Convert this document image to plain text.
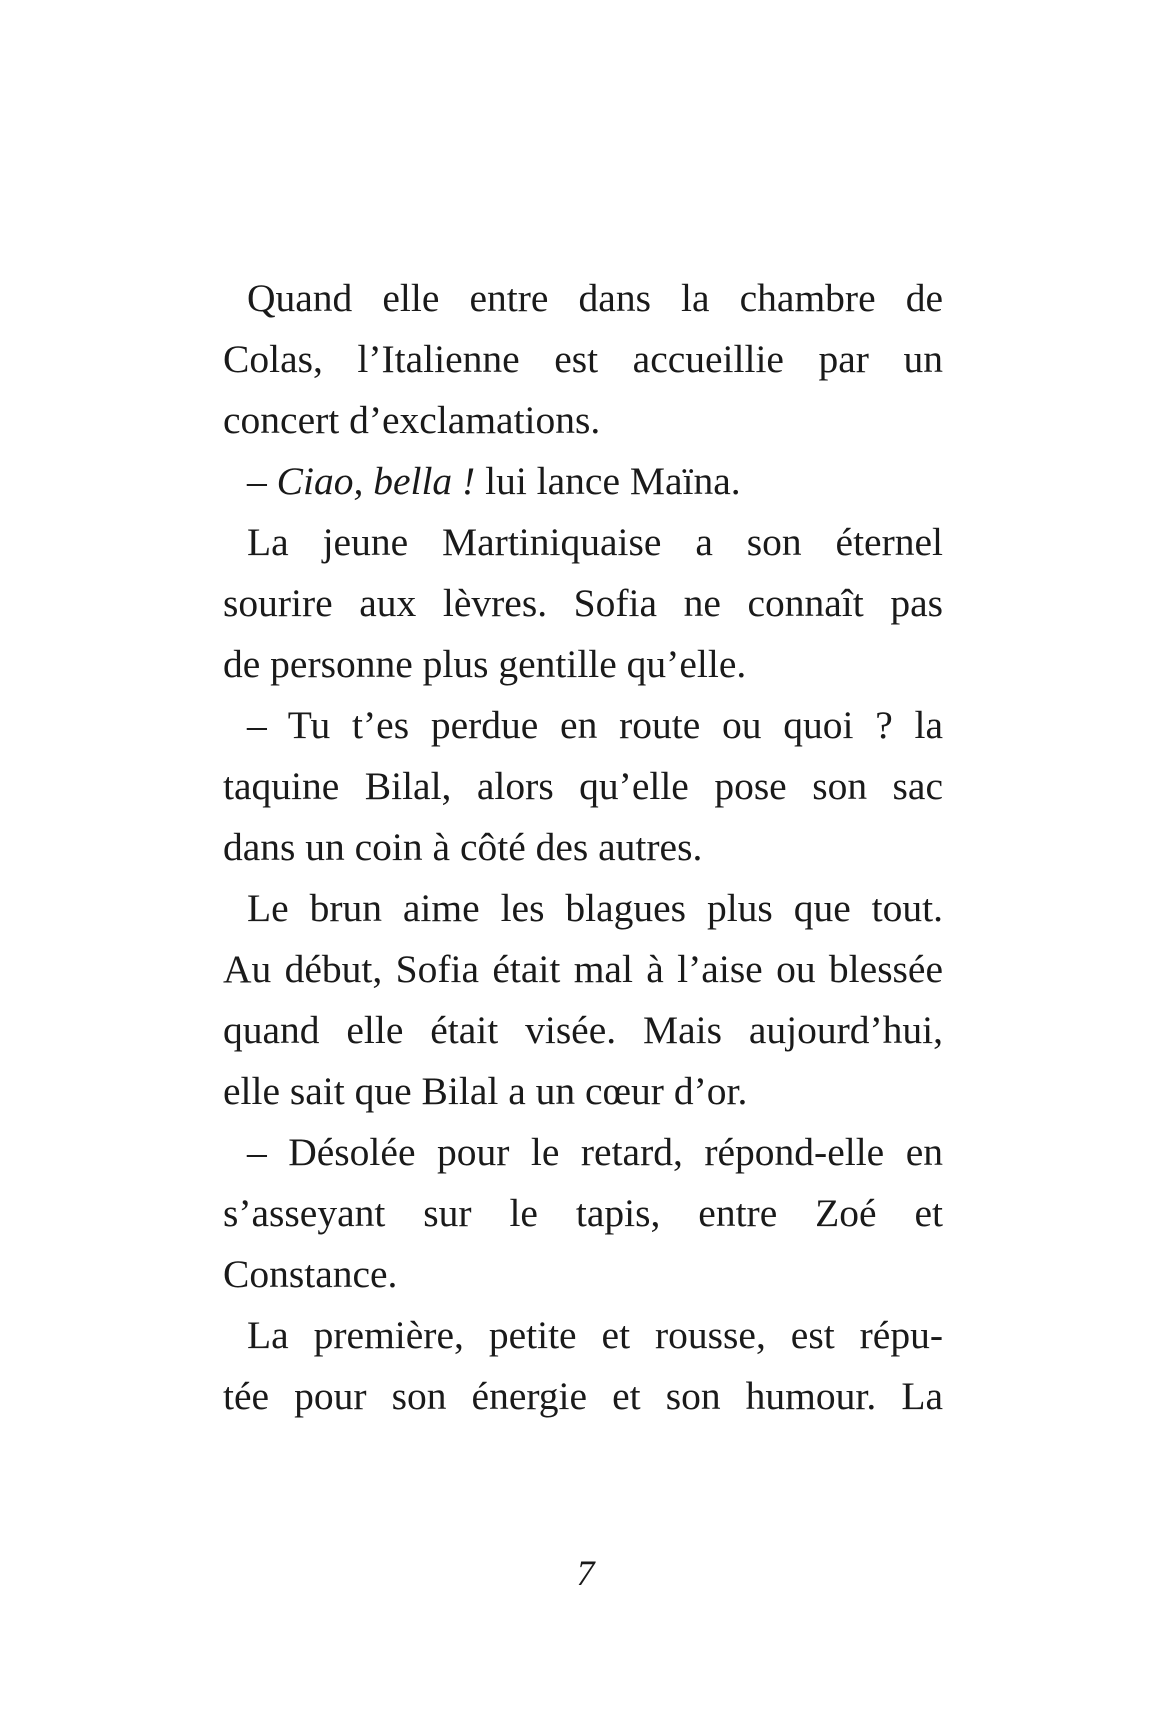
Quand elle entre dans la chambre de
Colas, l’Italienne est accueillie par un
concert d’exclamations.
– Ciao, bella ! lui lance Maïna.
La jeune Martiniquaise a son éternel
sourire aux lèvres. Sofia ne connaît pas
de personne plus gentille qu’elle.
– Tu t’es perdue en route ou quoi ? la
taquine Bilal, alors qu’elle pose son sac
dans un coin à côté des autres.
Le brun aime les blagues plus que tout.
Au début, Sofia était mal à l’aise ou blessée
quand elle était visée. Mais aujourd’hui,
elle sait que Bilal a un cœur d’or.
– Désolée pour le retard, répond-elle en
s’asseyant sur le tapis, entre Zoé et
Constance.
La première, petite et rousse, est répu-
tée pour son énergie et son humour. La
7
